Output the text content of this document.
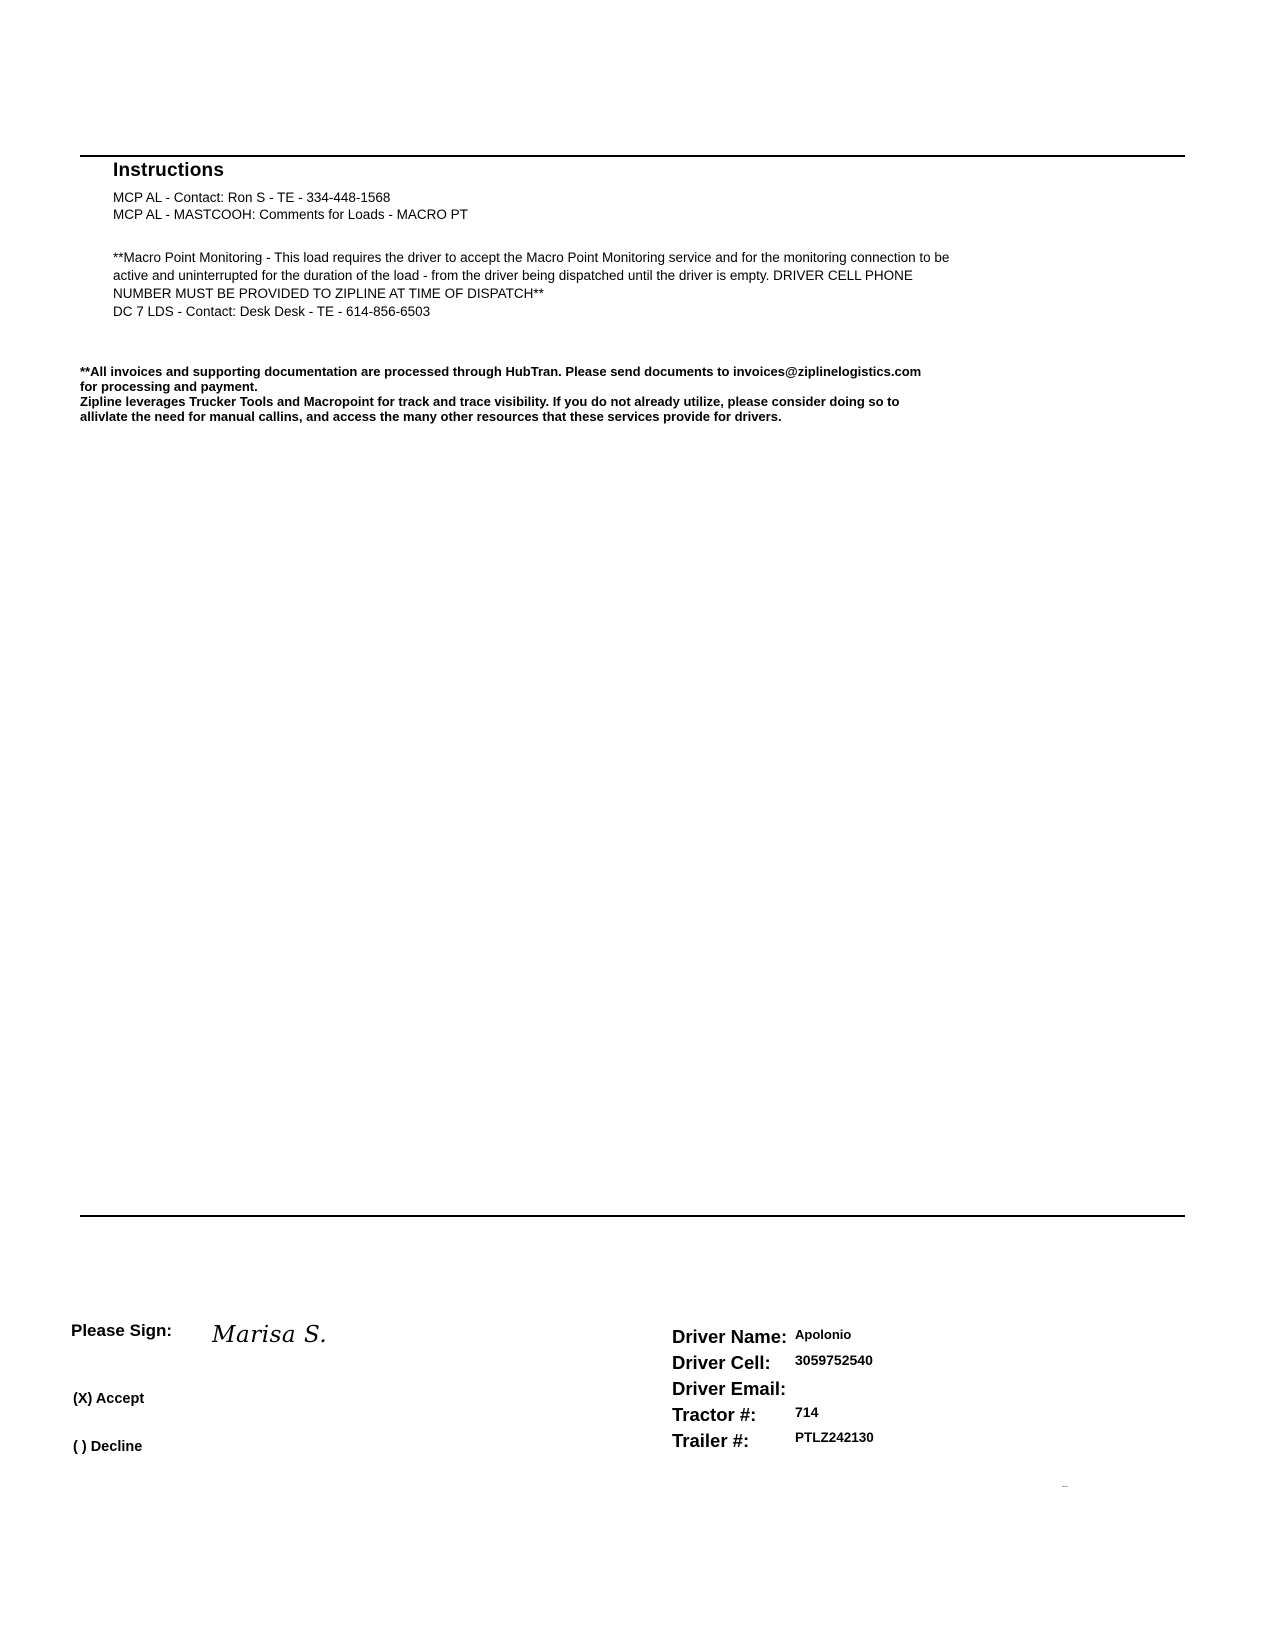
Instructions
MCP AL - Contact: Ron S - TE - 334-448-1568
MCP AL - MASTCOOH: Comments for Loads - MACRO PT
**Macro Point Monitoring - This load requires the driver to accept the Macro Point Monitoring service and for the monitoring connection to be
active and uninterrupted for the duration of the load - from the driver being dispatched until the driver is empty. DRIVER CELL PHONE
NUMBER MUST BE PROVIDED TO ZIPLINE AT TIME OF DISPATCH**
DC 7 LDS - Contact: Desk Desk - TE - 614-856-6503
**All invoices and supporting documentation are processed through HubTran. Please send documents to invoices@ziplinelogistics.com
for processing and payment.
Zipline leverages Trucker Tools and Macropoint for track and trace visibility. If you do not already utilize, please consider doing so to
allivlate the need for manual callins, and access the many other resources that these services provide for drivers.
Please Sign: Marisa S.
(X) Accept
( ) Decline
Driver Name: Apolonio
Driver Cell: 3059752540
Driver Email:
Tractor #:	714
Trailer #:	PTLZ242130
--
